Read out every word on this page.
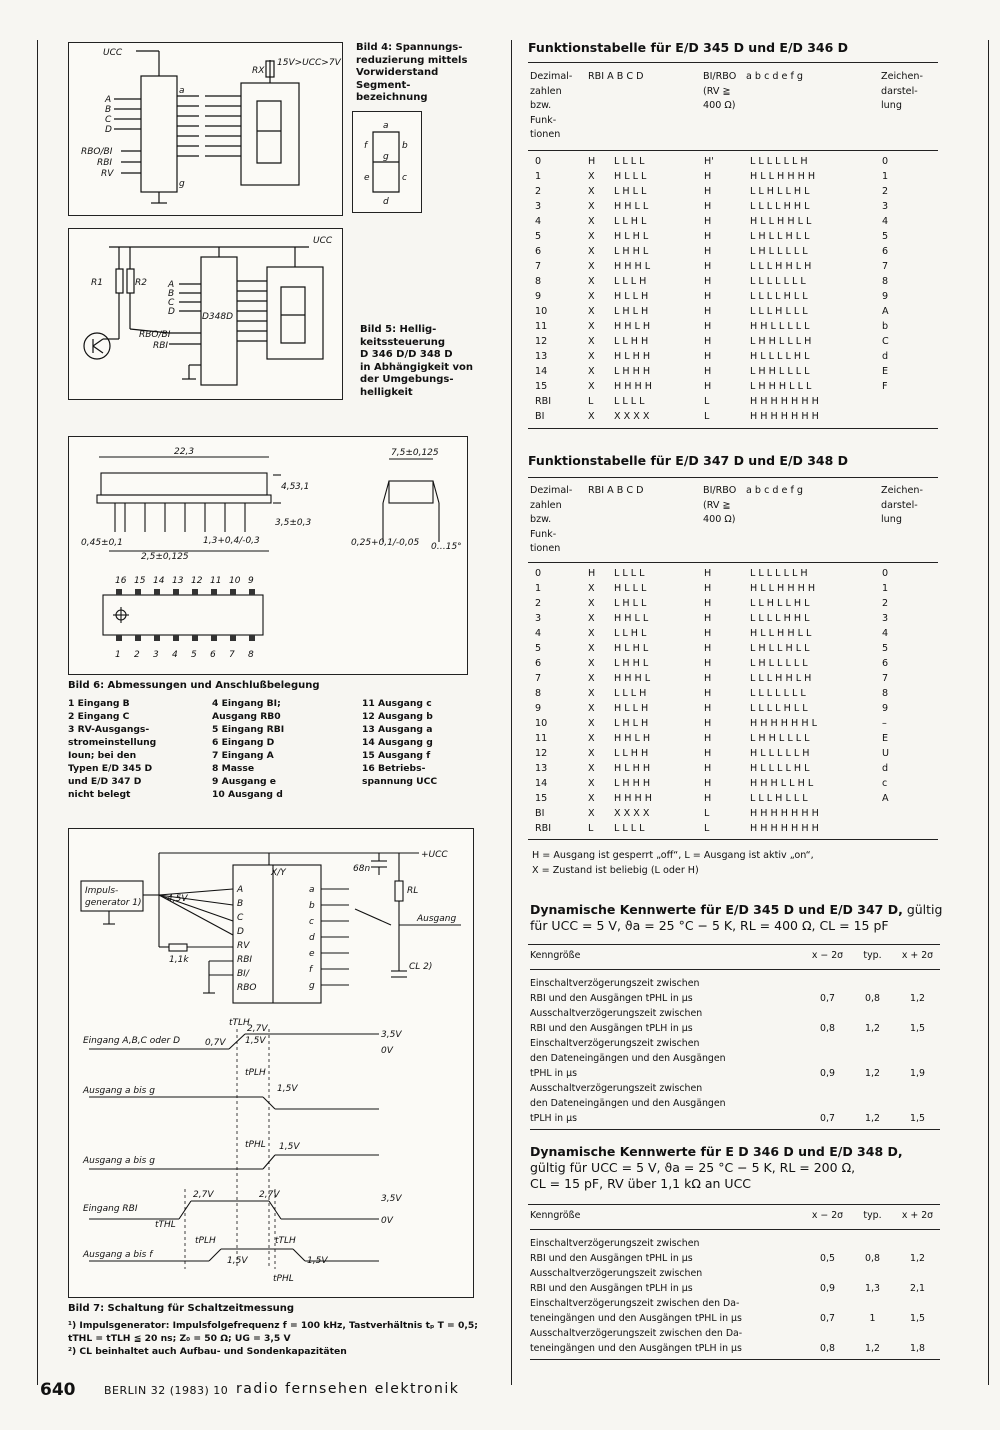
UCC
RX
15V>UCC>7V
A
B
C
D
RBO/BI
RBI
RV
a
g
Bild 4: Spannungs-
reduzierung mittels
Vorwiderstand
Segment-
bezeichnung
a
b
c
d
e
f
g
UCC
R1	R2 A
B
C
D
RBO/BI
RBI
D348D
Bild 5: Hellig-
keitssteuerung
D 346 D/D 348 D
in Abhängigkeit von
der Umgebungs-
helligkeit
22,3
4,5 3,1
3,5±0,3
0,45±0,1
2,5±0,125
1,3+0,4/-0,3
7,5±0,125
0,25+0,1/-0,05 0…15°
16 15 14 13 12 11 10 9
1 2 3 4 5 6 7 8
Bild 6: Abmessungen und Anschlußbelegung
1 Eingang B
2 Eingang C
3 RV-Ausgangs-
stromeinstellung
Ioun; bei den
Typen E/D 345 D
und E/D 347 D
nicht belegt
4 Eingang BI;
Ausgang RB0
5 Eingang RBI
6 Eingang D
7 Eingang A
8 Masse
9 Ausgang e
10 Ausgang d
11 Ausgang c
12 Ausgang b
13 Ausgang a
14 Ausgang g
15 Ausgang f
16 Betriebs-
spannung UCC
+UCC
Impuls-
generator 1)	4,5V
1,1k
X/Y	68n
RL
Ausgang
CL 2)
A
B
C
D
RV
RBI
BI/
RBO
a
b
c
d
e
f
g
tTLH
Eingang A,B,C oder D	0,7V
2,7V
1,5V
3,5V
0V
tPLH
Ausgang a bis g	1,5V
Ausgang a bis g
tPHL 1,5V
Eingang RBI
2,7V	2,7V	3,5V
0V
tTHL
tTLH
tPLH
Ausgang a bis f
1,5V	1,5V
tPHL
Bild 7: Schaltung für Schaltzeitmessung
¹) Impulsgenerator: Impulsfolgefrequenz f = 100 kHz, Tastverhältnis tₚ T = 0,5; tTHL = tTLH ≦ 20 ns; Z₀ = 50 Ω; UG = 3,5 V
²) CL beinhaltet auch Aufbau- und Sondenkapazitäten
Funktionstabelle für E/D 345 D und E/D 346 D
Dezimal-
zahlen
bzw.
Funk-
tionen
RBI A B C D	BI/RBO
(RV ≧
400 Ω)
a b c d e f g	Zeichen-
darstel-
lung
0	H	L L L L	H'	L L L L L L H	0
1	X	H L L L	H	H L L H H H H	1
2	X	L H L L	H	L L H L L H L	2
3	X	H H L L	H	L L L L H H L	3
4	X	L L H L	H	H L L H H L L	4
5	X	H L H L	H	L H L L H L L	5
6	X	L H H L	H	L H L L L L L	6
7	X	H H H L	H	L L L H H L H	7
8	X	L L L H	H	L L L L L L L	8
9	X	H L L H	H	L L L L H L L	9
10	X	L H L H	H	L L L H L L L	A
11	X	H H L H	H	H H L L L L L	b
12	X	L L H H	H	L H H L L L H	C
13	X	H L H H	H	H L L L L H L	d
14	X	L H H H	H	L H H L L L L	E
15	X	H H H H	H	L H H H L L L	F
RBI	L	L L L L	L	H H H H H H H	
BI	X	X X X X	L	H H H H H H H	
Funktionstabelle für E/D 347 D und E/D 348 D
Dezimal-
zahlen
bzw.
Funk-
tionen
RBI A B C D	BI/RBO
(RV ≧
400 Ω)
a b c d e f g	Zeichen-
darstel-
lung
0	H	L L L L	H	L L L L L L H	0
1	X	H L L L	H	H L L H H H H	1
2	X	L H L L	H	L L H L L H L	2
3	X	H H L L	H	L L L L H H L	3
4	X	L L H L	H	H L L H H L L	4
5	X	H L H L	H	L H L L H L L	5
6	X	L H H L	H	L H L L L L L	6
7	X	H H H L	H	L L L H H L H	7
8	X	L L L H	H	L L L L L L L	8
9	X	H L L H	H	L L L L H L L	9
10	X	L H L H	H	H H H H H H L	–
11	X	H H L H	H	L H H L L L L	E
12	X	L L H H	H	H L L L L L H	U
13	X	H L H H	H	H L L L L H L	d
14	X	L H H H	H	H H H L L H L	c
15	X	H H H H	H	L L L H L L L	A
BI	X	X X X X	L	H H H H H H H	
RBI	L	L L L L	L	H H H H H H H	
H = Ausgang ist gesperrt „off“, L = Ausgang ist aktiv „on“,
X = Zustand ist beliebig (L oder H)
Dynamische Kennwerte für E/D 345 D und E/D 347 D, gültig
für UCC = 5 V, ϑa = 25 °C − 5 K, RL = 400 Ω, CL = 15 pF
Kenngröße	x − 2σ	typ.	x + 2σ
Einschaltverzögerungszeit zwischen
RBI und den Ausgängen tPHL in μs	0,7	0,8	1,2
Ausschaltverzögerungszeit zwischen
RBI und den Ausgängen tPLH in μs	0,8	1,2	1,5
Einschaltverzögerungszeit zwischen
den Dateneingängen und den Ausgängen
tPHL in μs	0,9	1,2	1,9
Ausschaltverzögerungszeit zwischen
den Dateneingängen und den Ausgängen
tPLH in μs	0,7	1,2	1,5
Dynamische Kennwerte für E D 346 D und E/D 348 D,
gültig für UCC = 5 V, ϑa = 25 °C − 5 K, RL = 200 Ω,
CL = 15 pF, RV über 1,1 kΩ an UCC
Kenngröße	x − 2σ	typ.	x + 2σ
Einschaltverzögerungszeit zwischen
RBI und den Ausgängen tPHL in μs	0,5	0,8	1,2
Ausschaltverzögerungszeit zwischen
RBI und den Ausgängen tPLH in μs	0,9	1,3	2,1
Einschaltverzögerungszeit zwischen den Da-
teneingängen und den Ausgängen tPHL in μs	0,7	1	1,5
Ausschaltverzögerungszeit zwischen den Da-
teneingängen und den Ausgängen tPLH in μs	0,8	1,2	1,8
640	BERLIN 32 (1983) 10 radio fernsehen elektronik
